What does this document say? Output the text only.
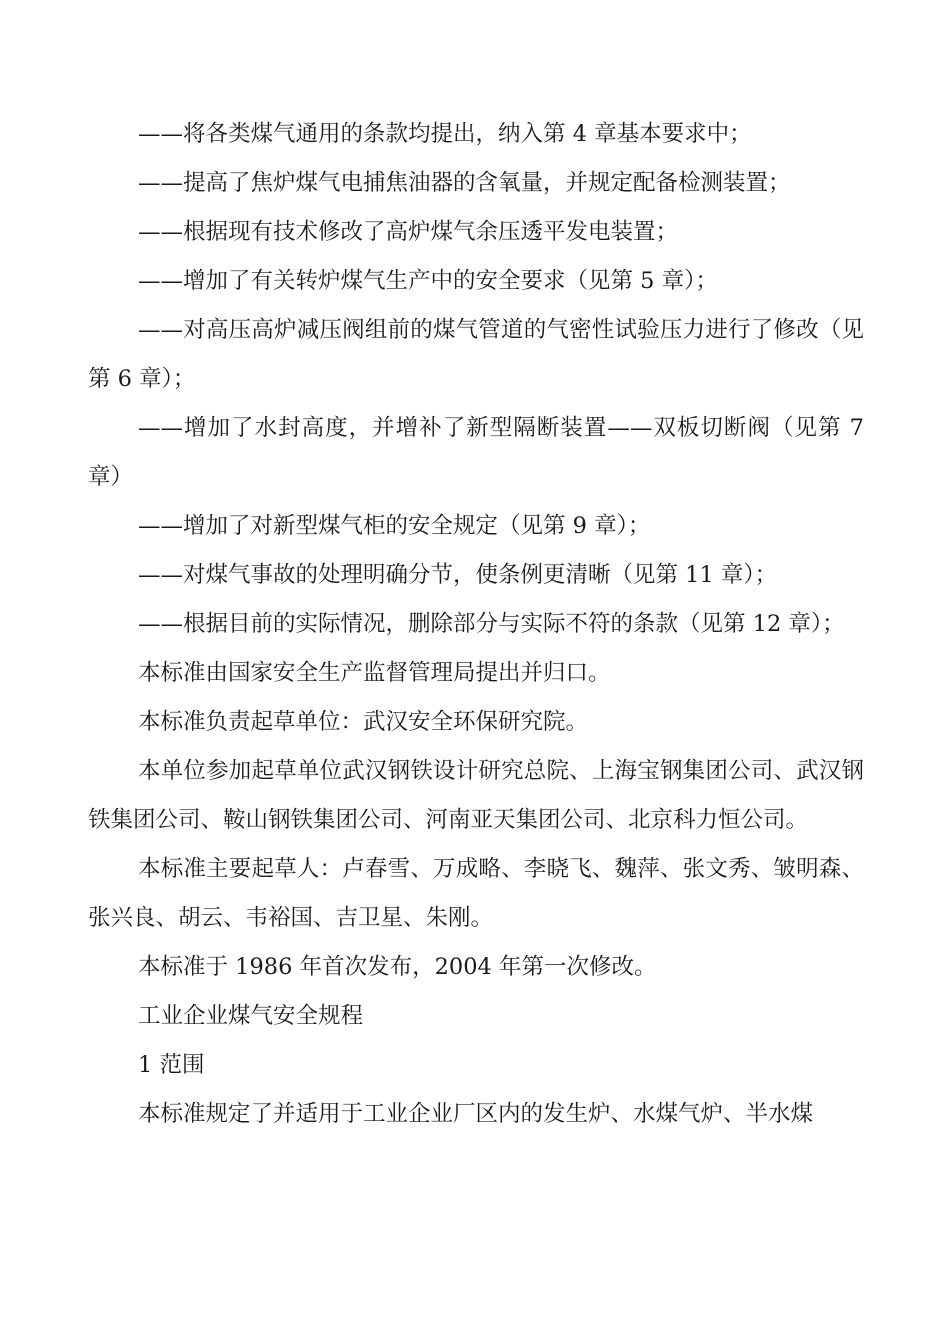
——将各类煤气通用的条款均提出，纳入第 4 章基本要求中；

——提高了焦炉煤气电捕焦油器的含氧量，并规定配备检测装置；

——根据现有技术修改了高炉煤气余压透平发电装置；

——增加了有关转炉煤气生产中的安全要求（见第 5 章）；

——对高压高炉减压阀组前的煤气管道的气密性试验压力进行了修改（见第 6 章）；

——增加了水封高度，并增补了新型隔断装置——双板切断阀（见第 7 章）

——增加了对新型煤气柜的安全规定（见第 9 章）；

——对煤气事故的处理明确分节，使条例更清晰（见第 11 章）；

——根据目前的实际情况，删除部分与实际不符的条款（见第 12 章）；

本标准由国家安全生产监督管理局提出并归口。

本标准负责起草单位：武汉安全环保研究院。

本单位参加起草单位武汉钢铁设计研究总院、上海宝钢集团公司、武汉钢铁集团公司、鞍山钢铁集团公司、河南亚天集团公司、北京科力恒公司。

本标准主要起草人：卢春雪、万成略、李晓飞、魏萍、张文秀、皱明森、张兴良、胡云、韦裕国、吉卫星、朱刚。

本标准于 1986 年首次发布，2004 年第一次修改。

工业企业煤气安全规程

1 范围

本标准规定了并适用于工业企业厂区内的发生炉、水煤气炉、半水煤
